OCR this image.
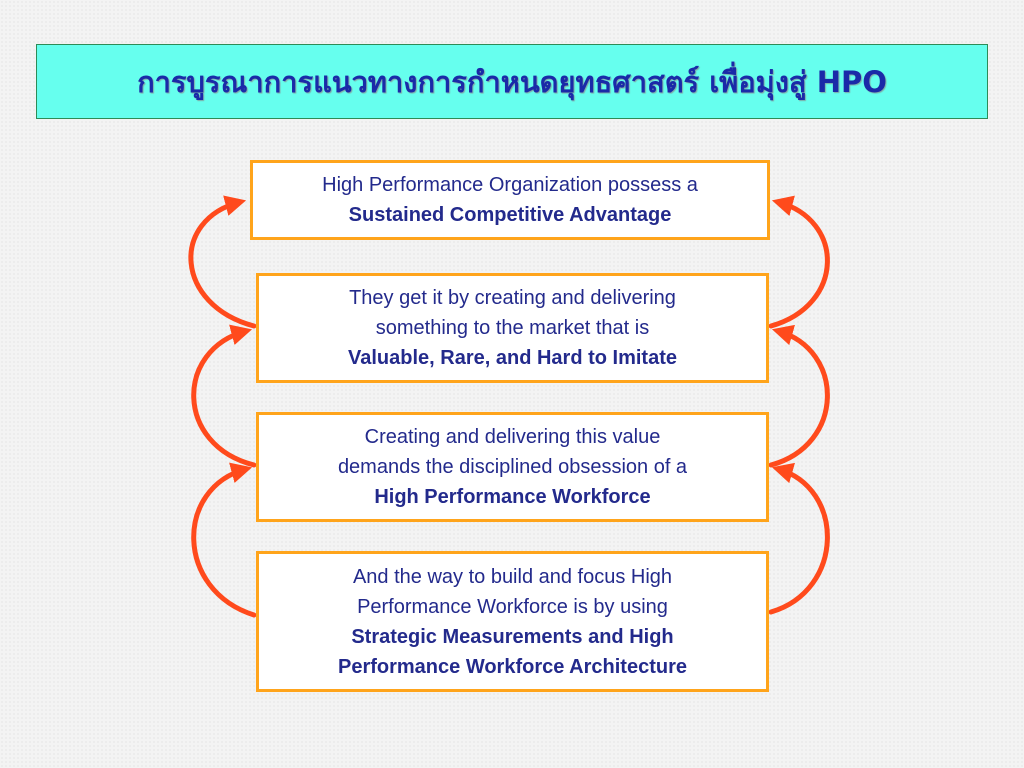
การบูรณาการแนวทางการกำหนดยุทธศาสตร์ เพื่อมุ่งสู่ HPO
High Performance Organization possess a
Sustained Competitive Advantage
They get it by creating and delivering
something to the market that is
Valuable, Rare, and Hard to Imitate
Creating and delivering this value
demands the disciplined obsession of a
High Performance Workforce
And the way to build and focus High
Performance Workforce is by using
Strategic Measurements and High
Performance Workforce Architecture
